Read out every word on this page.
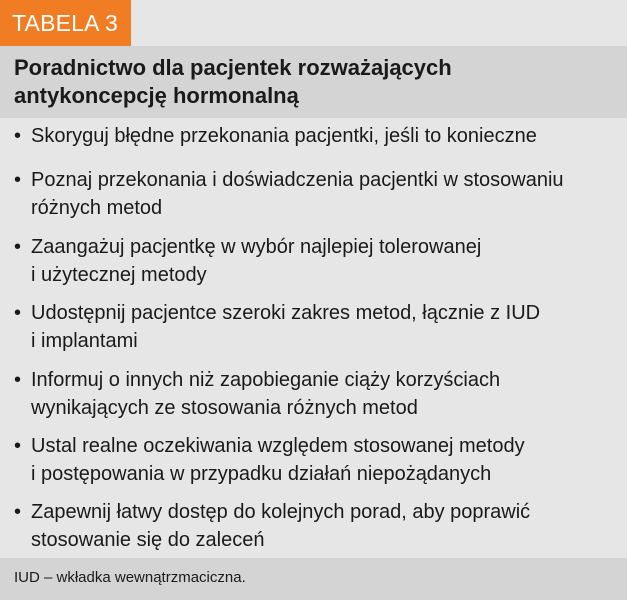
TABELA 3
Poradnictwo dla pacjentek rozważających
antykoncepcję hormonalną
• Skoryguj błędne przekonania pacjentki, jeśli to konieczne
• Poznaj przekonania i doświadczenia pacjentki w stosowaniu
różnych metod
• Zaangażuj pacjentkę w wybór najlepiej tolerowanej
i użytecznej metody
• Udostępnij pacjentce szeroki zakres metod, łącznie z IUD
i implantami
• Informuj o innych niż zapobieganie ciąży korzyściach
wynikających ze stosowania różnych metod
• Ustal realne oczekiwania względem stosowanej metody
i postępowania w przypadku działań niepożądanych
• Zapewnij łatwy dostęp do kolejnych porad, aby poprawić
stosowanie się do zaleceń
IUD – wkładka wewnątrzmaciczna.
